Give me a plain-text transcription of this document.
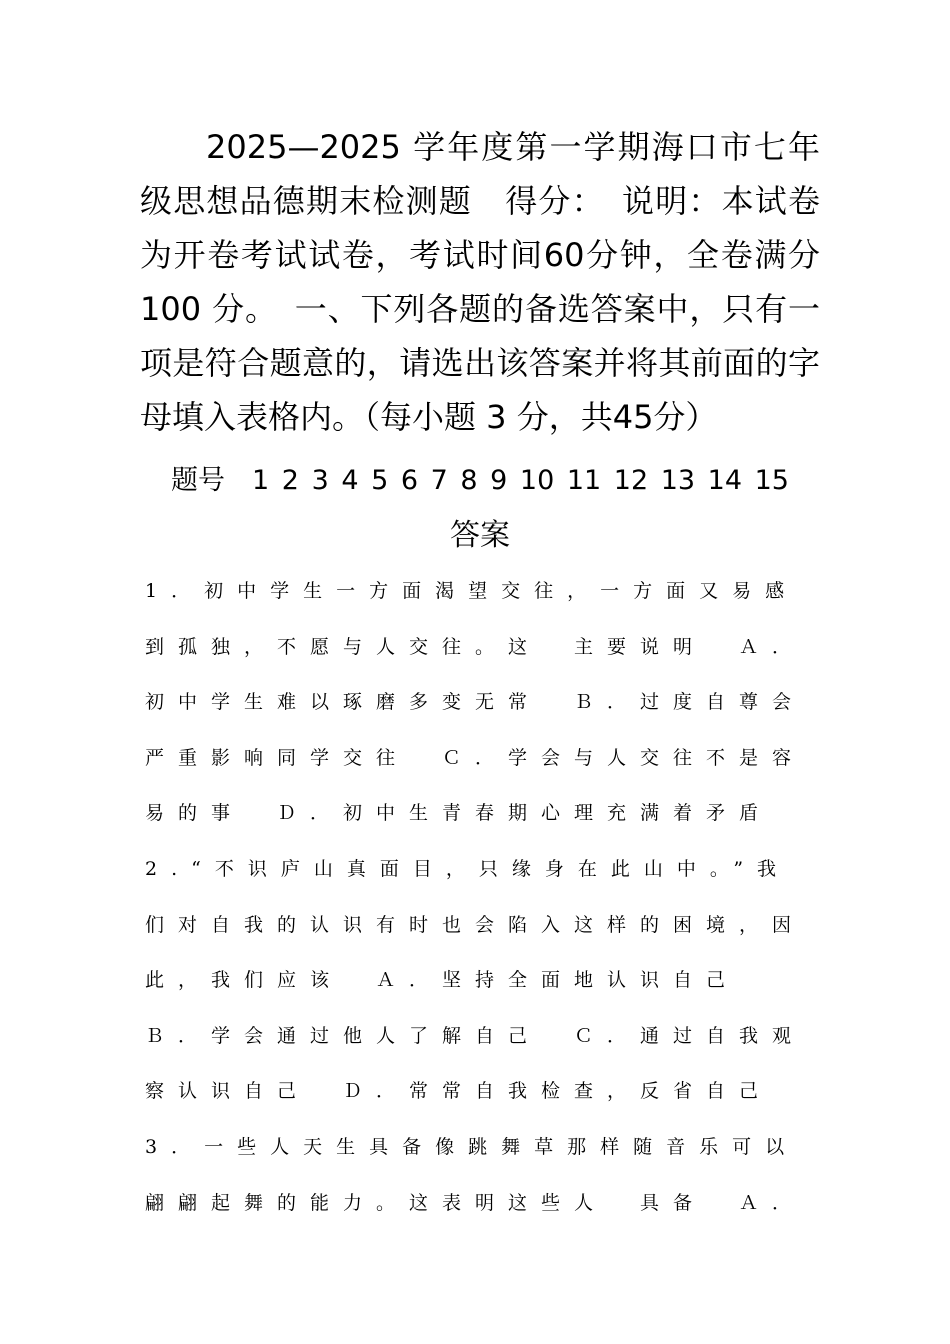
2025—2025 学年度第一学期海口市七年级思想品德期末检测题　得分：　说明：本试卷为开卷考试试卷，考试时间60分钟，全卷满分 100 分。　一、下列各题的备选答案中，只有一项是符合题意的，请选出该答案并将其前面的字母填入表格内。（每小题 3 分，共45分）
题号　1 2 3 4 5 6 7 8 9 10 11 12 13 14 15
答案
1．初中学生一方面渴望交往，一方面又易感
到孤独，不愿与人交往。这　主要说明　Ａ．
初中学生难以琢磨多变无常　Ｂ．过度自尊会
严重影响同学交往　Ｃ．学会与人交往不是容
易的事　Ｄ．初中生青春期心理充满着矛盾
2.“不识庐山真面目，只缘身在此山中。”我
们对自我的认识有时也会陷入这样的困境，因
此，我们应该　Ａ．坚持全面地认识自己
Ｂ．学会通过他人了解自己　Ｃ．通过自我观
察认识自己　Ｄ．常常自我检查，反省自己
3．一些人天生具备像跳舞草那样随音乐可以
翩翩起舞的能力。这表明这些人　具备　Ａ．
